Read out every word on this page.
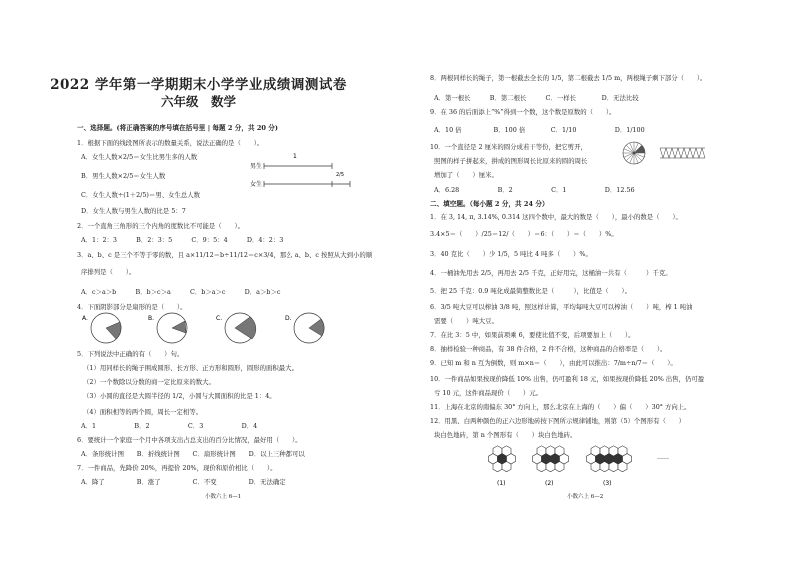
2022 学年第一学期期末小学学业成绩调测试卷
六年级　数学
一、选择题。(将正确答案的序号填在括号里 | 每题 2 分，共 20 分)
1．根据下面的线段图所表示的数量关系，说法正确的是（　　）。
A．女生人数×2/5＝女生比男生多的人数
B．男生人数×2/5＝女生人数
C．女生人数÷(1＋2/5)＝男、女生总人数
D．女生人数与男生人数的比是 5：7
男生
女生
1
2/5
2．一个直角三角形的三个内角的度数比不可能是（　　）。
A．1：2：3　　　B．2：3：5　　　C．9：5：4　　　D．4：2：3
3．a、b、c 是三个不等于零的数，且 a×11/12＝b÷11/12＝c×3/4，那么 a、b、c 按照从大到小的顺
序排列是（　　）。
A．c＞a＞b　　　B．b＞c＞a　　　C．b＞a＞c　　　D．a＞b＞c
4．下面阴影部分是扇形的是（　　）。
A.	B.	C.	D.
5．下列说法中正确的有（　　）句。
（1）用同样长的绳子围成圆形、长方形、正方形和圆形，圆形的面积最大。
（2）一个数除以分数的商一定比原来的数大。
（3）小圆的直径是大圆半径的 1/2，小圆与大圆面积的比是 1：4。
（4）面积相等的两个圆，周长一定相等。
A．1　　　　　　B．2　　　　　　C．3　　　　　　D．4
6．要统计一个家庭一个月中各项支出占总支出的百分比情况，最好用（　　）。
A．条形统计图　　B．折线统计图　　C．扇形统计图　　D．以上三种都可以
7．一件商品，先降价 20%，再提价 20%，现价和原价相比（　　）。
A．降了　　　　　B．涨了　　　　　C．不变　　　　　D．无法确定
小数六上 6—1
8．两根同样长的绳子，第一根截去全长的 1/5，第二根截去 1/5 m，两根绳子剩下部分（　　）。
A．第一根长　　　B．第二根长　　　C．一样长　　　　D．无法比较
9．在 36 的后面添上“%”得到一个数，这个数是原数的（　　）。
A．10 倍　　　　　B．100 倍　　　　C．1/10　　　　　　D．1/100
10．一个直径是 2 厘米的圆分成若干等份，把它剪开，
照图的样子拼起来，拼成的图形周长比原来的圆的周长
增加了（　　）厘米。
A．6.28　　　　　　B．2　　　　　　C．1　　　　　　D．12.56
二、填空题。（每小题 2 分，共 24 分）
1．在 3, 14, π, 3.14%, 0.314 这四个数中，最大的数是（　　），最小的数是（　　）。
3.4×5＝（　　）/25＝12/（　　）＝6：（　　）＝（　　）%。
3．40 克比（　　）少 1/5，5 吨比 4 吨多（　　）%。
4．一桶油先用去 2/5，再用去 2/5 千克，正好用完，这桶油一共有（　　　）千克。
5．把 25 千克：0.9 吨化成最简整数比是（　　　），比值是（　　）。
6．3/5 吨大豆可以榨油 3/8 吨，照这样计算，平均每吨大豆可以榨油（　　）吨，榨 1 吨油
需要（　　）吨大豆。
7．在比 3：5 中，如果前项乘 6，要使比值不变，后项要加上（　　）。
8．抽样检验一种商品，有 38 件合格，2 件不合格，这种商品的合格率是（　　）。
9．已知 m 和 n 互为倒数，则 m×n＝（　　），由此可以推出：7/m÷n/7＝（　　）。
10．一件商品如果按现价降低 10% 出售，仍可盈利 18 元，如果按现价降低 20% 出售，仍可盈
亏 10 元，这件商品现价（　　）元。
11．上海在北京的南偏东 30° 方向上，那么北京在上海的（　　）偏（　　）30° 方向上。
12．用黑、白两种颜色的正六边形地砖按下图所示规律铺地，则第（5）个图形有（　　）
块白色地砖，第 n 个图形有（　　）块白色地砖。
(1)	(2)	(3)
……
小数六上 6—2
